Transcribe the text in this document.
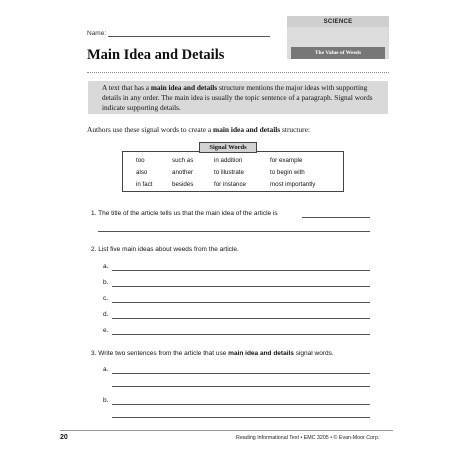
Name:
SCIENCE
The Value of Weeds
Main Idea and Details
A text that has a main idea and details structure mentions the major ideas with supporting details in any order. The main idea is usually the topic sentence of a paragraph. Signal words indicate supporting details.
Authors use these signal words to create a main idea and details structure:
Signal Words
too
also
in fact
such as
another
besides
in addition
to illustrate
for instance
for example
to begin with
most importantly
1. The title of the article tells us that the main idea of the article is
2. List five main ideas about weeds from the article.
a.
b.
c.
d.
e.
3. Write two sentences from the article that use main idea and details signal words.
a.
b.
20	Reading Informational Text • EMC 3205 • © Evan-Moor Corp.
